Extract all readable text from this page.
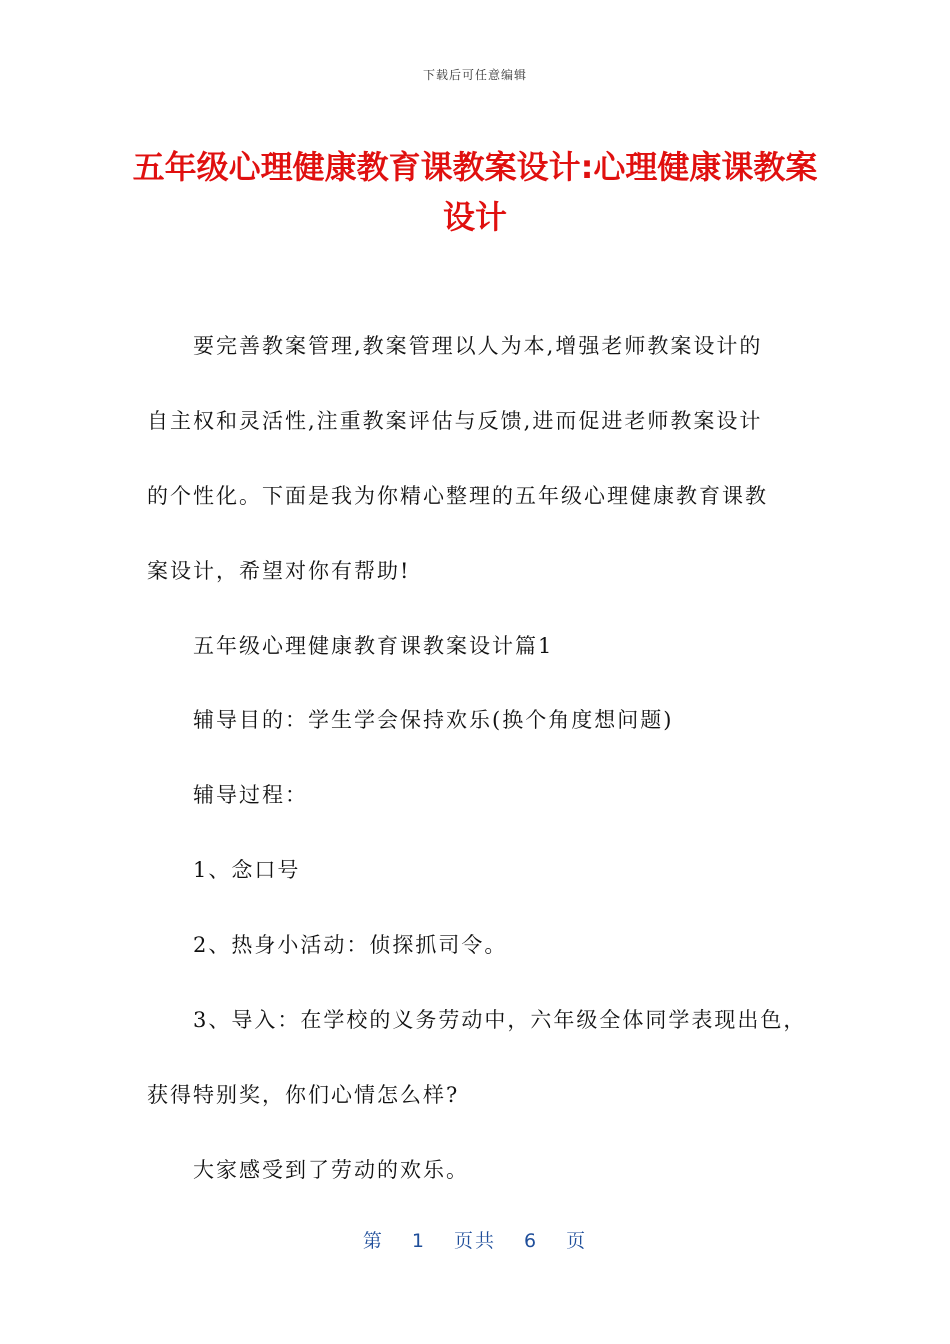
下载后可任意编辑
五年级心理健康教育课教案设计:心理健康课教案设计
要完善教案管理,教案管理以人为本,增强老师教案设计的
自主权和灵活性,注重教案评估与反馈,进而促进老师教案设计
的个性化。下面是我为你精心整理的五年级心理健康教育课教
案设计，希望对你有帮助!
五年级心理健康教育课教案设计篇1
辅导目的：学生学会保持欢乐(换个角度想问题)
辅导过程：
1、念口号
2、热身小活动：侦探抓司令。
3、导入：在学校的义务劳动中，六年级全体同学表现出色，
获得特别奖，你们心情怎么样?
大家感受到了劳动的欢乐。
第 1 页共 6 页
